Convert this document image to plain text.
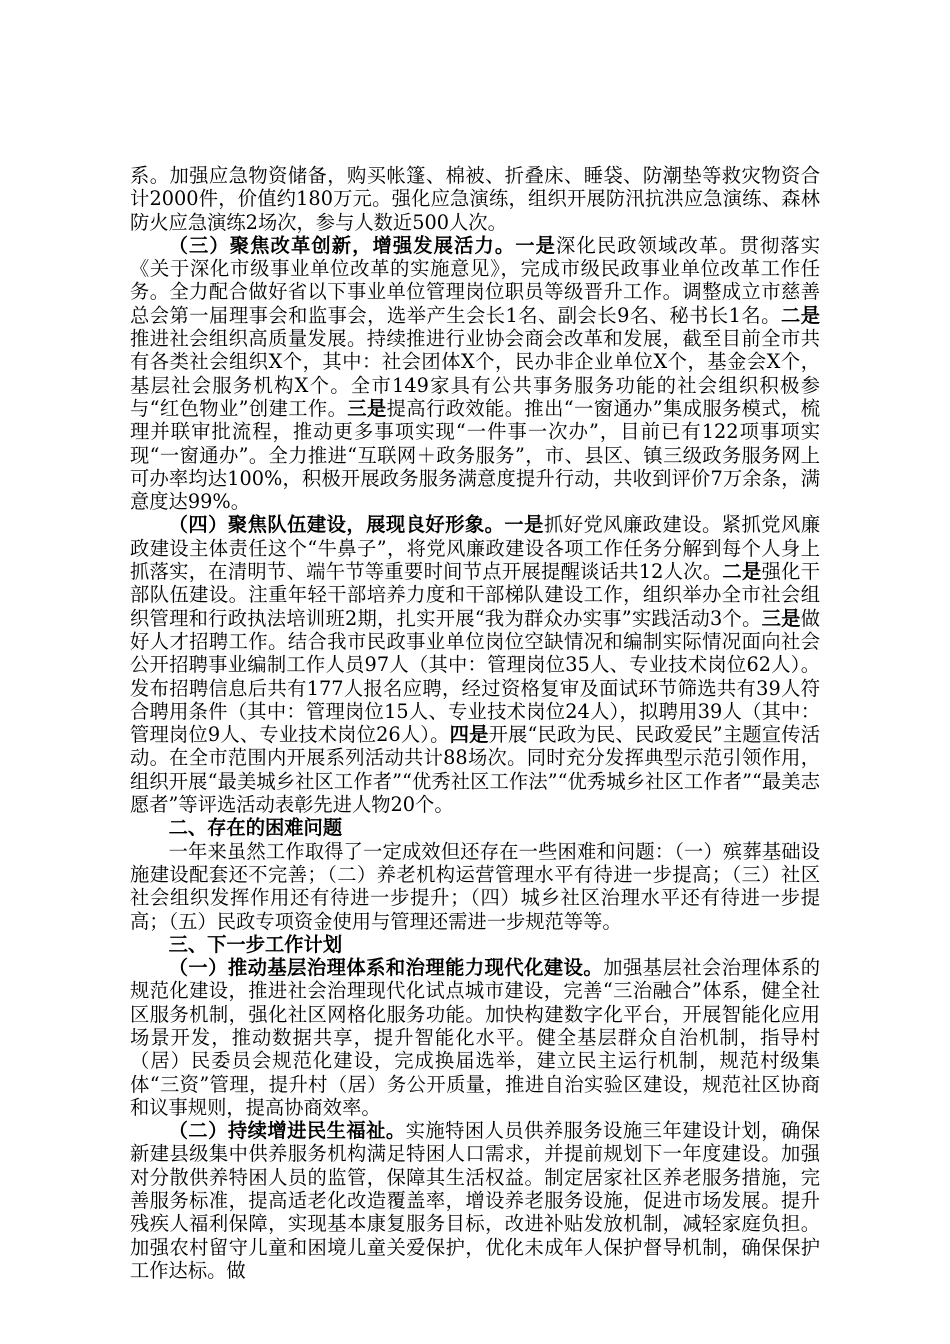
系。加强应急物资储备，购买帐篷、棉被、折叠床、睡袋、防潮垫等救灾物资合计2000件，价值约180万元。强化应急演练，组织开展防汛抗洪应急演练、森林防火应急演练2场次，参与人数近500人次。

（三）聚焦改革创新，增强发展活力。一是深化民政领域改革。贯彻落实《关于深化市级事业单位改革的实施意见》，完成市级民政事业单位改革工作任务。全力配合做好省以下事业单位管理岗位职员等级晋升工作。调整成立市慈善总会第一届理事会和监事会，选举产生会长1名、副会长9名、秘书长1名。二是推进社会组织高质量发展。持续推进行业协会商会改革和发展，截至目前全市共有各类社会组织X个，其中：社会团体X个，民办非企业单位X个，基金会X个，基层社会服务机构X个。全市149家具有公共事务服务功能的社会组织积极参与“红色物业”创建工作。三是提高行政效能。推出“一窗通办”集成服务模式，梳理并联审批流程，推动更多事项实现“一件事一次办”，目前已有122项事项实现“一窗通办”。全力推进“互联网＋政务服务”，市、县区、镇三级政务服务网上可办率均达100%，积极开展政务服务满意度提升行动，共收到评价7万余条，满意度达99%。

（四）聚焦队伍建设，展现良好形象。一是抓好党风廉政建设。紧抓党风廉政建设主体责任这个“牛鼻子”，将党风廉政建设各项工作任务分解到每个人身上抓落实，在清明节、端午节等重要时间节点开展提醒谈话共12人次。二是强化干部队伍建设。注重年轻干部培养力度和干部梯队建设工作，组织举办全市社会组织管理和行政执法培训班2期，扎实开展“我为群众办实事”实践活动3个。三是做好人才招聘工作。结合我市民政事业单位岗位空缺情况和编制实际情况面向社会公开招聘事业编制工作人员97人（其中：管理岗位35人、专业技术岗位62人）。发布招聘信息后共有177人报名应聘，经过资格复审及面试环节筛选共有39人符合聘用条件（其中：管理岗位15人、专业技术岗位24人），拟聘用39人（其中：管理岗位9人、专业技术岗位26人）。四是开展“民政为民、民政爱民”主题宣传活动。在全市范围内开展系列活动共计88场次。同时充分发挥典型示范引领作用，组织开展“最美城乡社区工作者”“优秀社区工作法”“优秀城乡社区工作者”“最美志愿者”等评选活动表彰先进人物20个。

二、存在的困难问题

一年来虽然工作取得了一定成效但还存在一些困难和问题：（一）殡葬基础设施建设配套还不完善；（二）养老机构运营管理水平有待进一步提高；（三）社区社会组织发挥作用还有待进一步提升；（四）城乡社区治理水平还有待进一步提高；（五）民政专项资金使用与管理还需进一步规范等等。

三、下一步工作计划

（一）推动基层治理体系和治理能力现代化建设。加强基层社会治理体系的规范化建设，推进社会治理现代化试点城市建设，完善“三治融合”体系，健全社区服务机制，强化社区网格化服务功能。加快构建数字化平台，开展智能化应用场景开发，推动数据共享，提升智能化水平。健全基层群众自治机制，指导村（居）民委员会规范化建设，完成换届选举，建立民主运行机制，规范村级集体“三资”管理，提升村（居）务公开质量，推进自治实验区建设，规范社区协商和议事规则，提高协商效率。

（二）持续增进民生福祉。实施特困人员供养服务设施三年建设计划，确保新建县级集中供养服务机构满足特困人口需求，并提前规划下一年度建设。加强对分散供养特困人员的监管，保障其生活权益。制定居家社区养老服务措施，完善服务标准，提高适老化改造覆盖率，增设养老服务设施，促进市场发展。提升残疾人福利保障，实现基本康复服务目标，改进补贴发放机制，减轻家庭负担。加强农村留守儿童和困境儿童关爱保护，优化未成年人保护督导机制，确保保护工作达标。做
